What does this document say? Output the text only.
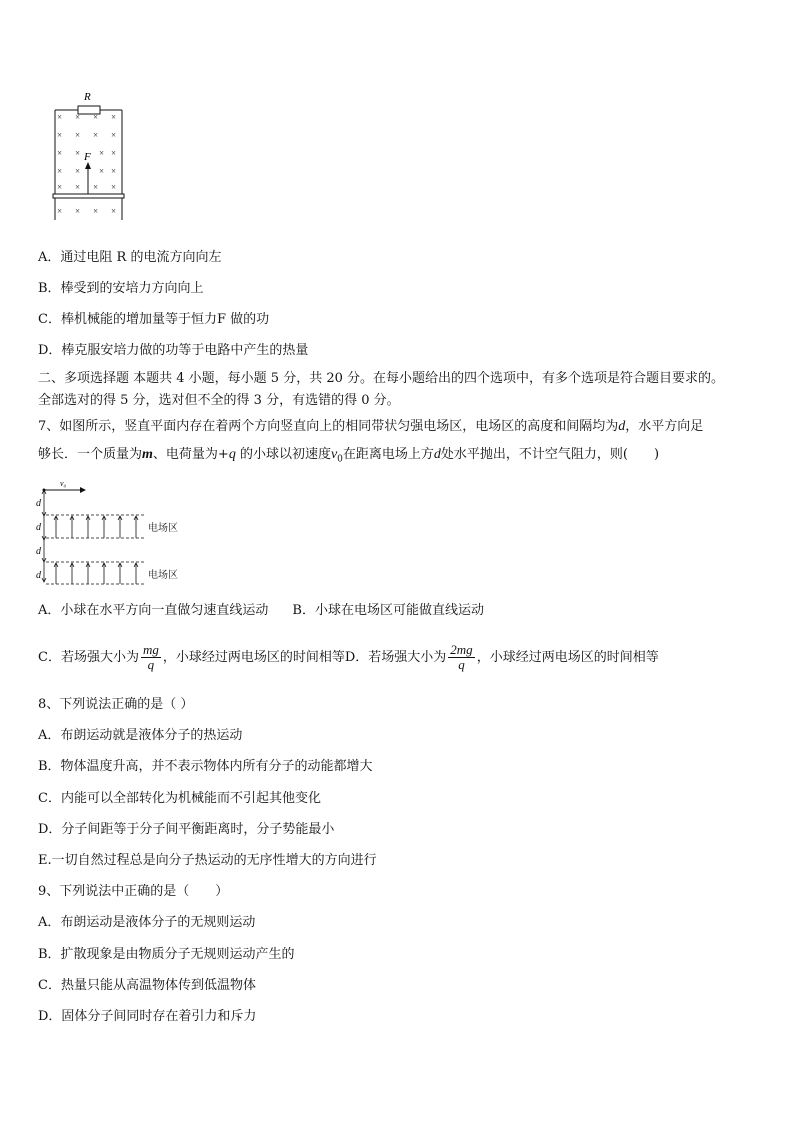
R
× × × ×
× × × ×
× × × ×
× × × ×
× × × ×
× × × ×
F
A．通过电阻 R 的电流方向向左
B．棒受到的安培力方向向上
C．棒机械能的增加量等于恒力F 做的功
D．棒克服安培力做的功等于电路中产生的热量
二、多项选择题 本题共 4 小题，每小题 5 分，共 20 分。在每小题给出的四个选项中，有多个选项是符合题目要求的。
全部选对的得 5 分，选对但不全的得 3 分，有选错的得 0 分。
7、如图所示，竖直平面内存在着两个方向竖直向上的相同带状匀强电场区，电场区的高度和间隔均为d，水平方向足
够长．一个质量为m、电荷量为+q 的小球以初速度$v_0$在距离电场上方d处水平抛出，不计空气阻力，则(　　)
v₀
d
d
d
d
电场区
电场区
A．小球在水平方向一直做匀速直线运动 B．小球在电场区可能做直线运动
C．若场强大小为 $\frac{mg}{q}$ ，小球经过两电场区的时间相等D．若场强大小为 $\frac{2mg}{q}$ ，小球经过两电场区的时间相等
8、下列说法正确的是（ ）
A．布朗运动就是液体分子的热运动
B．物体温度升高，并不表示物体内所有分子的动能都增大
C．内能可以全部转化为机械能而不引起其他变化
D．分子间距等于分子间平衡距离时，分子势能最小
E.一切自然过程总是向分子热运动的无序性增大的方向进行
9、下列说法中正确的是（　　）
A．布朗运动是液体分子的无规则运动
B．扩散现象是由物质分子无规则运动产生的
C．热量只能从高温物体传到低温物体
D．固体分子间同时存在着引力和斥力
